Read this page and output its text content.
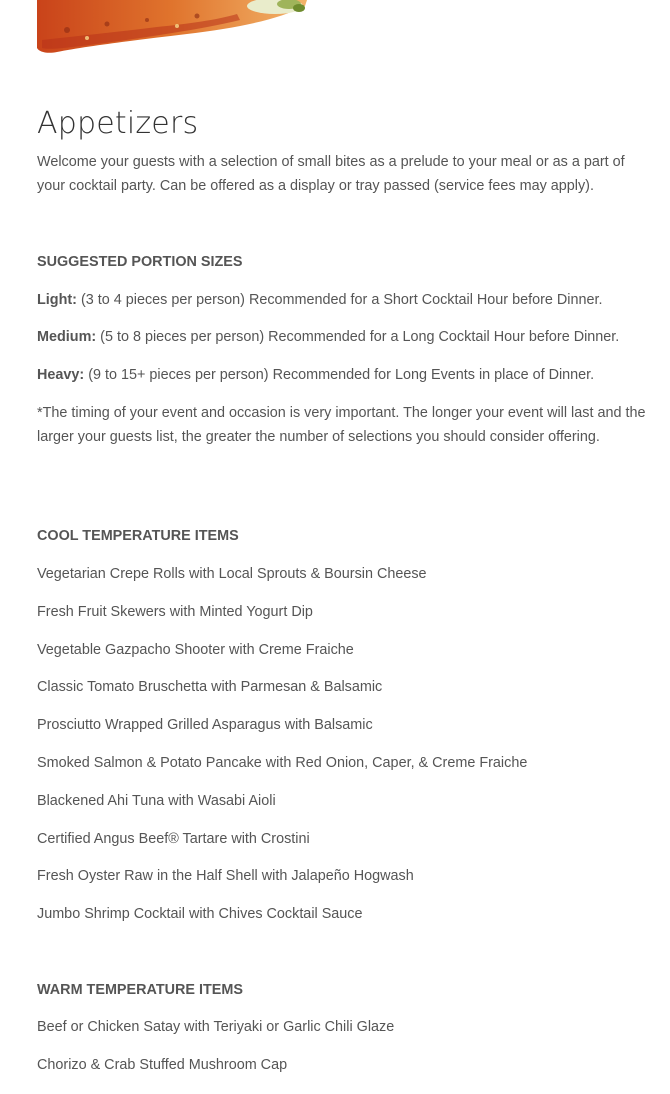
Appetizers

Welcome your guests with a selection of small bites as a prelude to your meal or as a part of your cocktail party. Can be offered as a display or tray passed (service fees may apply).

SUGGESTED PORTION SIZES

Light: (3 to 4 pieces per person) Recommended for a Short Cocktail Hour before Dinner.

Medium: (5 to 8 pieces per person) Recommended for a Long Cocktail Hour before Dinner.

Heavy: (9 to 15+ pieces per person) Recommended for Long Events in place of Dinner.

*The timing of your event and occasion is very important. The longer your event will last and the larger your guests list, the greater the number of selections you should consider offering.

COOL TEMPERATURE ITEMS

Vegetarian Crepe Rolls with Local Sprouts & Boursin Cheese

Fresh Fruit Skewers with Minted Yogurt Dip

Vegetable Gazpacho Shooter with Creme Fraiche

Classic Tomato Bruschetta with Parmesan & Balsamic

Prosciutto Wrapped Grilled Asparagus with Balsamic

Smoked Salmon & Potato Pancake with Red Onion, Caper, & Creme Fraiche

Blackened Ahi Tuna with Wasabi Aioli

Certified Angus Beef® Tartare with Crostini

Fresh Oyster Raw in the Half Shell with Jalapeño Hogwash

Jumbo Shrimp Cocktail with Chives Cocktail Sauce

WARM TEMPERATURE ITEMS

Beef or Chicken Satay with Teriyaki or Garlic Chili Glaze

Chorizo & Crab Stuffed Mushroom Cap
